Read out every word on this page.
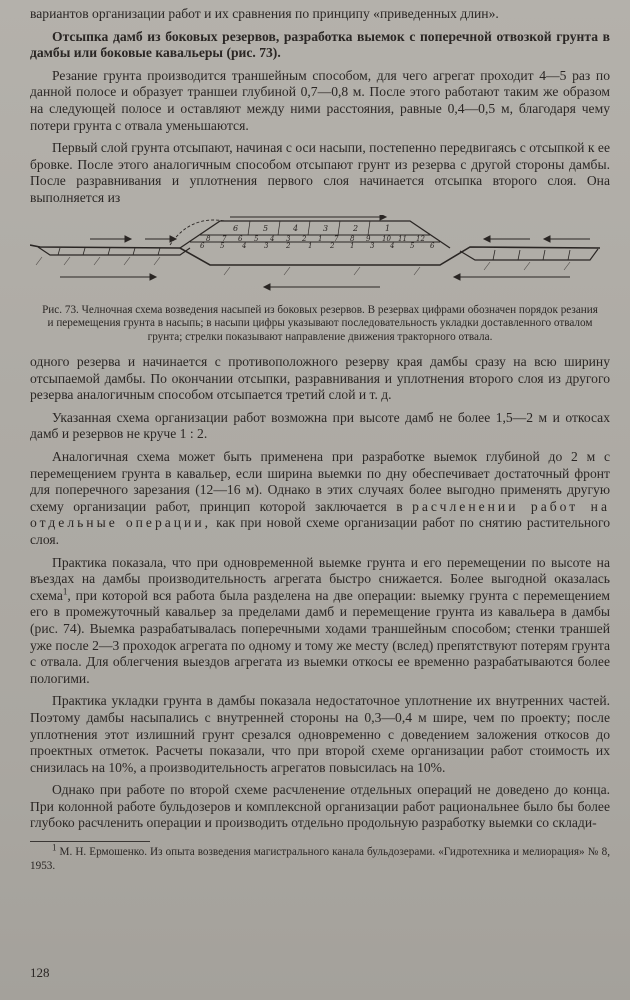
вариантов организации работ и их сравнения по принципу «приведенных длин».

Отсыпка дамб из боковых резервов, разработка выемок с поперечной отвозкой грунта в дамбы или боковые кавальеры (рис. 73).

Резание грунта производится траншейным способом, для чего агрегат проходит 4—5 раз по данной полосе и образует траншеи глубиной 0,7—0,8 м. После этого работают таким же образом на следующей полосе и оставляют между ними расстояния, равные 0,4—0,5 м, благодаря чему потери грунта с отвала уменьшаются.

Первый слой грунта отсыпают, начиная с оси насыпи, постепенно передвигаясь с отсыпкой к ее бровке. После этого аналогичным способом отсыпают грунт из резерва с другой стороны дамбы. После разравнивания и уплотнения первого слоя начинается отсыпка второго слоя. Она выполняется из

6	5	4	3	2	1
8 7 6 5 4 3 2 1 7 8 9 10 11 12
6 5	4	3	2	1	2 1 3 4 5 6

Рис. 73. Челночная схема возведения насыпей из боковых резервов. В резервах цифрами обозначен порядок резания и перемещения грунта в насыпь; в насыпи цифры указывают последовательность укладки доставленного отвалом грунта; стрелки показывают направление движения тракторного отвала.

одного резерва и начинается с противоположного резерву края дамбы сразу на всю ширину отсыпаемой дамбы. По окончании отсыпки, разравнивания и уплотнения второго слоя из другого резерва аналогичным способом отсыпается третий слой и т. д.

Указанная схема организации работ возможна при высоте дамб не более 1,5—2 м и откосах дамб и резервов не круче 1 : 2.

Аналогичная схема может быть применена при разработке выемок глубиной до 2 м с перемещением грунта в кавальер, если ширина выемки по дну обеспечивает достаточный фронт для поперечного зарезания (12—16 м). Однако в этих случаях более выгодно применять другую схему организации работ, принцип которой заключается в расчленении работ на отдельные операции, как при новой схеме организации работ по снятию растительного слоя.

Практика показала, что при одновременной выемке грунта и его перемещении по высоте на въездах на дамбы производительность агрегата быстро снижается. Более выгодной оказалась схема$^1$, при которой вся работа была разделена на две операции: выемку грунта с перемещением его в промежуточный кавальер за пределами дамб и перемещение грунта из кавальера в дамбы (рис. 74). Выемка разрабатывалась поперечными ходами траншейным способом; стенки траншей уже после 2—3 проходок агрегата по одному и тому же месту (вслед) препятствуют потерям грунта с отвала. Для облегчения выездов агрегата из выемки откосы ее временно разрабатываются более пологими.

Практика укладки грунта в дамбы показала недостаточное уплотнение их внутренних частей. Поэтому дамбы насыпались с внутренней стороны на 0,3—0,4 м шире, чем по проекту; после уплотнения этот излишний грунт срезался одновременно с доведением заложения откосов до проектных отметок. Расчеты показали, что при второй схеме организации работ стоимость их снизилась на 10%, а производительность агрегатов повысилась на 10%.

Однако при работе по второй схеме расчленение отдельных операций не доведено до конца. При колонной работе бульдозеров и комплексной организации работ рациональнее было бы более глубоко расчленить операции и производить отдельно продольную разработку выемки со склади-

$^1$ М. Н. Ермошенко. Из опыта возведения магистрального канала бульдозерами. «Гидротехника и мелиорация» № 8, 1953.

128
